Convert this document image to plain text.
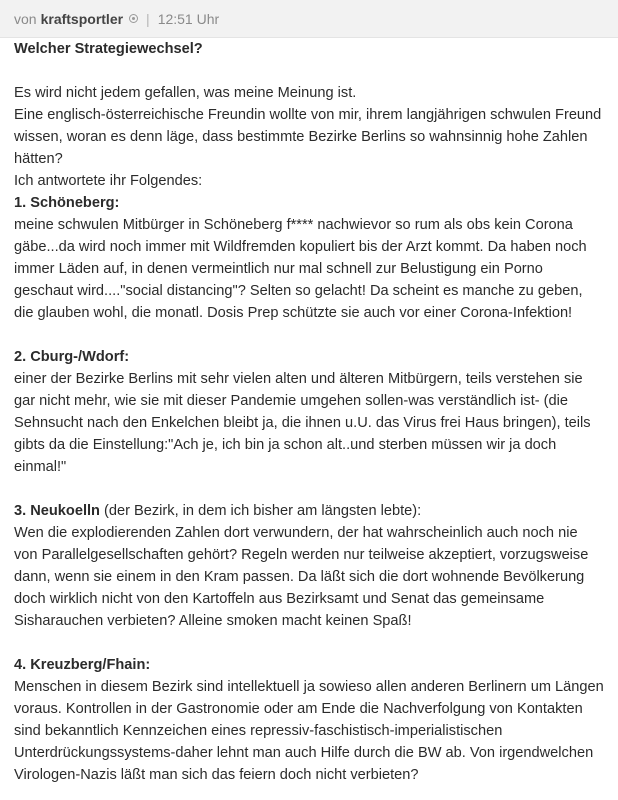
von kraftsportler | 12:51 Uhr

Welcher Strategiewechsel?

Es wird nicht jedem gefallen, was meine Meinung ist.

Eine englisch-österreichische Freundin wollte von mir, ihrem langjährigen schwulen Freund wissen, woran es denn läge, dass bestimmte Bezirke Berlins so wahnsinnig hohe Zahlen hätten?

Ich antwortete ihr Folgendes:

1. Schöneberg:

meine schwulen Mitbürger in Schöneberg f**** nachwievor so rum als obs kein Corona gäbe...da wird noch immer mit Wildfremden kopuliert bis der Arzt kommt. Da haben noch immer Läden auf, in denen vermeintlich nur mal schnell zur Belustigung ein Porno geschaut wird...."social distancing"? Selten so gelacht! Da scheint es manche zu geben, die glauben wohl, die monatl. Dosis Prep schützte sie auch vor einer Corona-Infektion!

2. Cburg-/Wdorf:

einer der Bezirke Berlins mit sehr vielen alten und älteren Mitbürgern, teils verstehen sie gar nicht mehr, wie sie mit dieser Pandemie umgehen sollen-was verständlich ist- (die Sehnsucht nach den Enkelchen bleibt ja, die ihnen u.U. das Virus frei Haus bringen), teils gibts da die Einstellung:"Ach je, ich bin ja schon alt..und sterben müssen wir ja doch einmal!"

3. Neukoelln (der Bezirk, in dem ich bisher am längsten lebte):

Wen die explodierenden Zahlen dort verwundern, der hat wahrscheinlich auch noch nie von Parallelgesellschaften gehört? Regeln werden nur teilweise akzeptiert, vorzugsweise dann, wenn sie einem in den Kram passen. Da läßt sich die dort wohnende Bevölkerung doch wirklich nicht von den Kartoffeln aus Bezirksamt und Senat das gemeinsame Sisharauchen verbieten? Alleine smoken macht keinen Spaß!

4. Kreuzberg/Fhain:

Menschen in diesem Bezirk sind intellektuell ja sowieso allen anderen Berlinern um Längen voraus. Kontrollen in der Gastronomie oder am Ende die Nachverfolgung von Kontakten sind bekanntlich Kennzeichen eines repressiv-faschistisch-imperialistischen Unterdrückungssystems-daher lehnt man auch Hilfe durch die BW ab. Von irgendwelchen Virologen-Nazis läßt man sich das feiern doch nicht verbieten?
